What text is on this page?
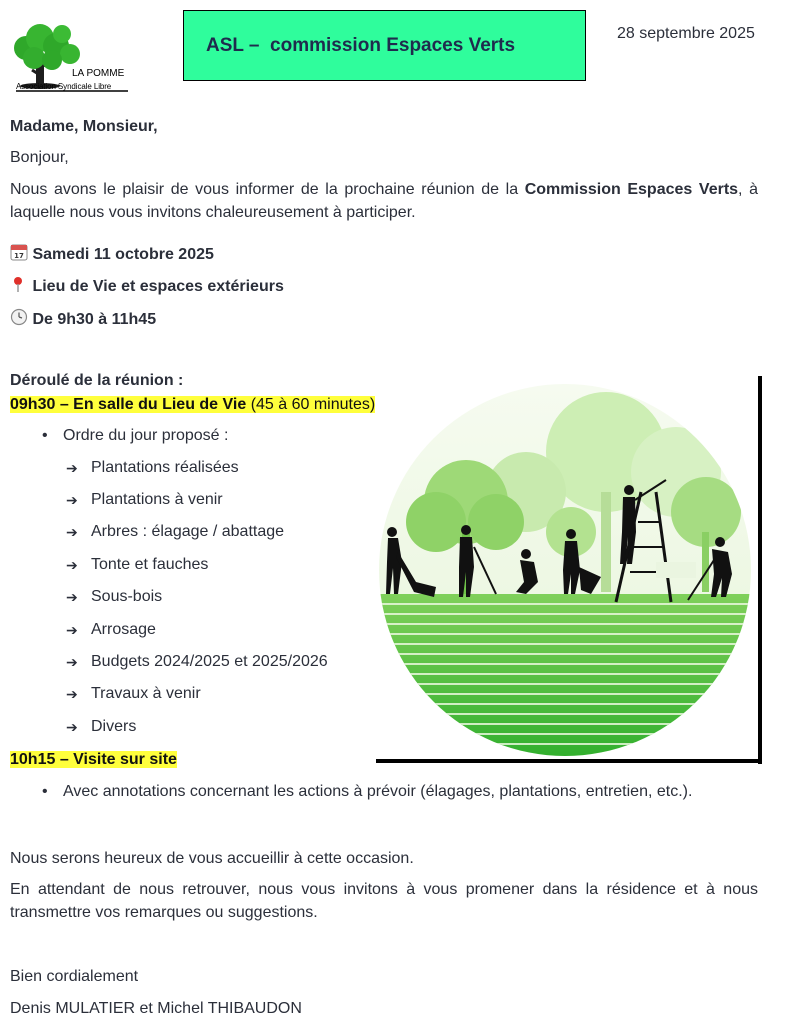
LA POMME
Association Syndicale Libre
ASL –  commission Espaces Verts
28 septembre 2025
Madame, Monsieur,
Bonjour,
Nous avons le plaisir de vous informer de la prochaine réunion de la Commission Espaces Verts, à laquelle nous vous invitons chaleureusement à participer.
17 Samedi 11 octobre 2025
Lieu de Vie et espaces extérieurs
De 9h30 à 11h45
Déroulé de la réunion :
09h30 – En salle du Lieu de Vie (45 à 60 minutes)
• Ordre du jour proposé :
➔ Plantations réalisées
➔ Plantations à venir
➔ Arbres : élagage / abattage
➔ Tonte et fauches
➔ Sous-bois
➔ Arrosage
➔ Budgets 2024/2025 et 2025/2026
➔ Travaux à venir
➔ Divers
10h15 – Visite sur site
• Avec annotations concernant les actions à prévoir (élagages, plantations, entretien, etc.).
Nous serons heureux de vous accueillir à cette occasion.
En attendant de nous retrouver, nous vous invitons à vous promener dans la résidence et à nous transmettre vos remarques ou suggestions.
Bien cordialement
Denis MULATIER et Michel THIBAUDON
